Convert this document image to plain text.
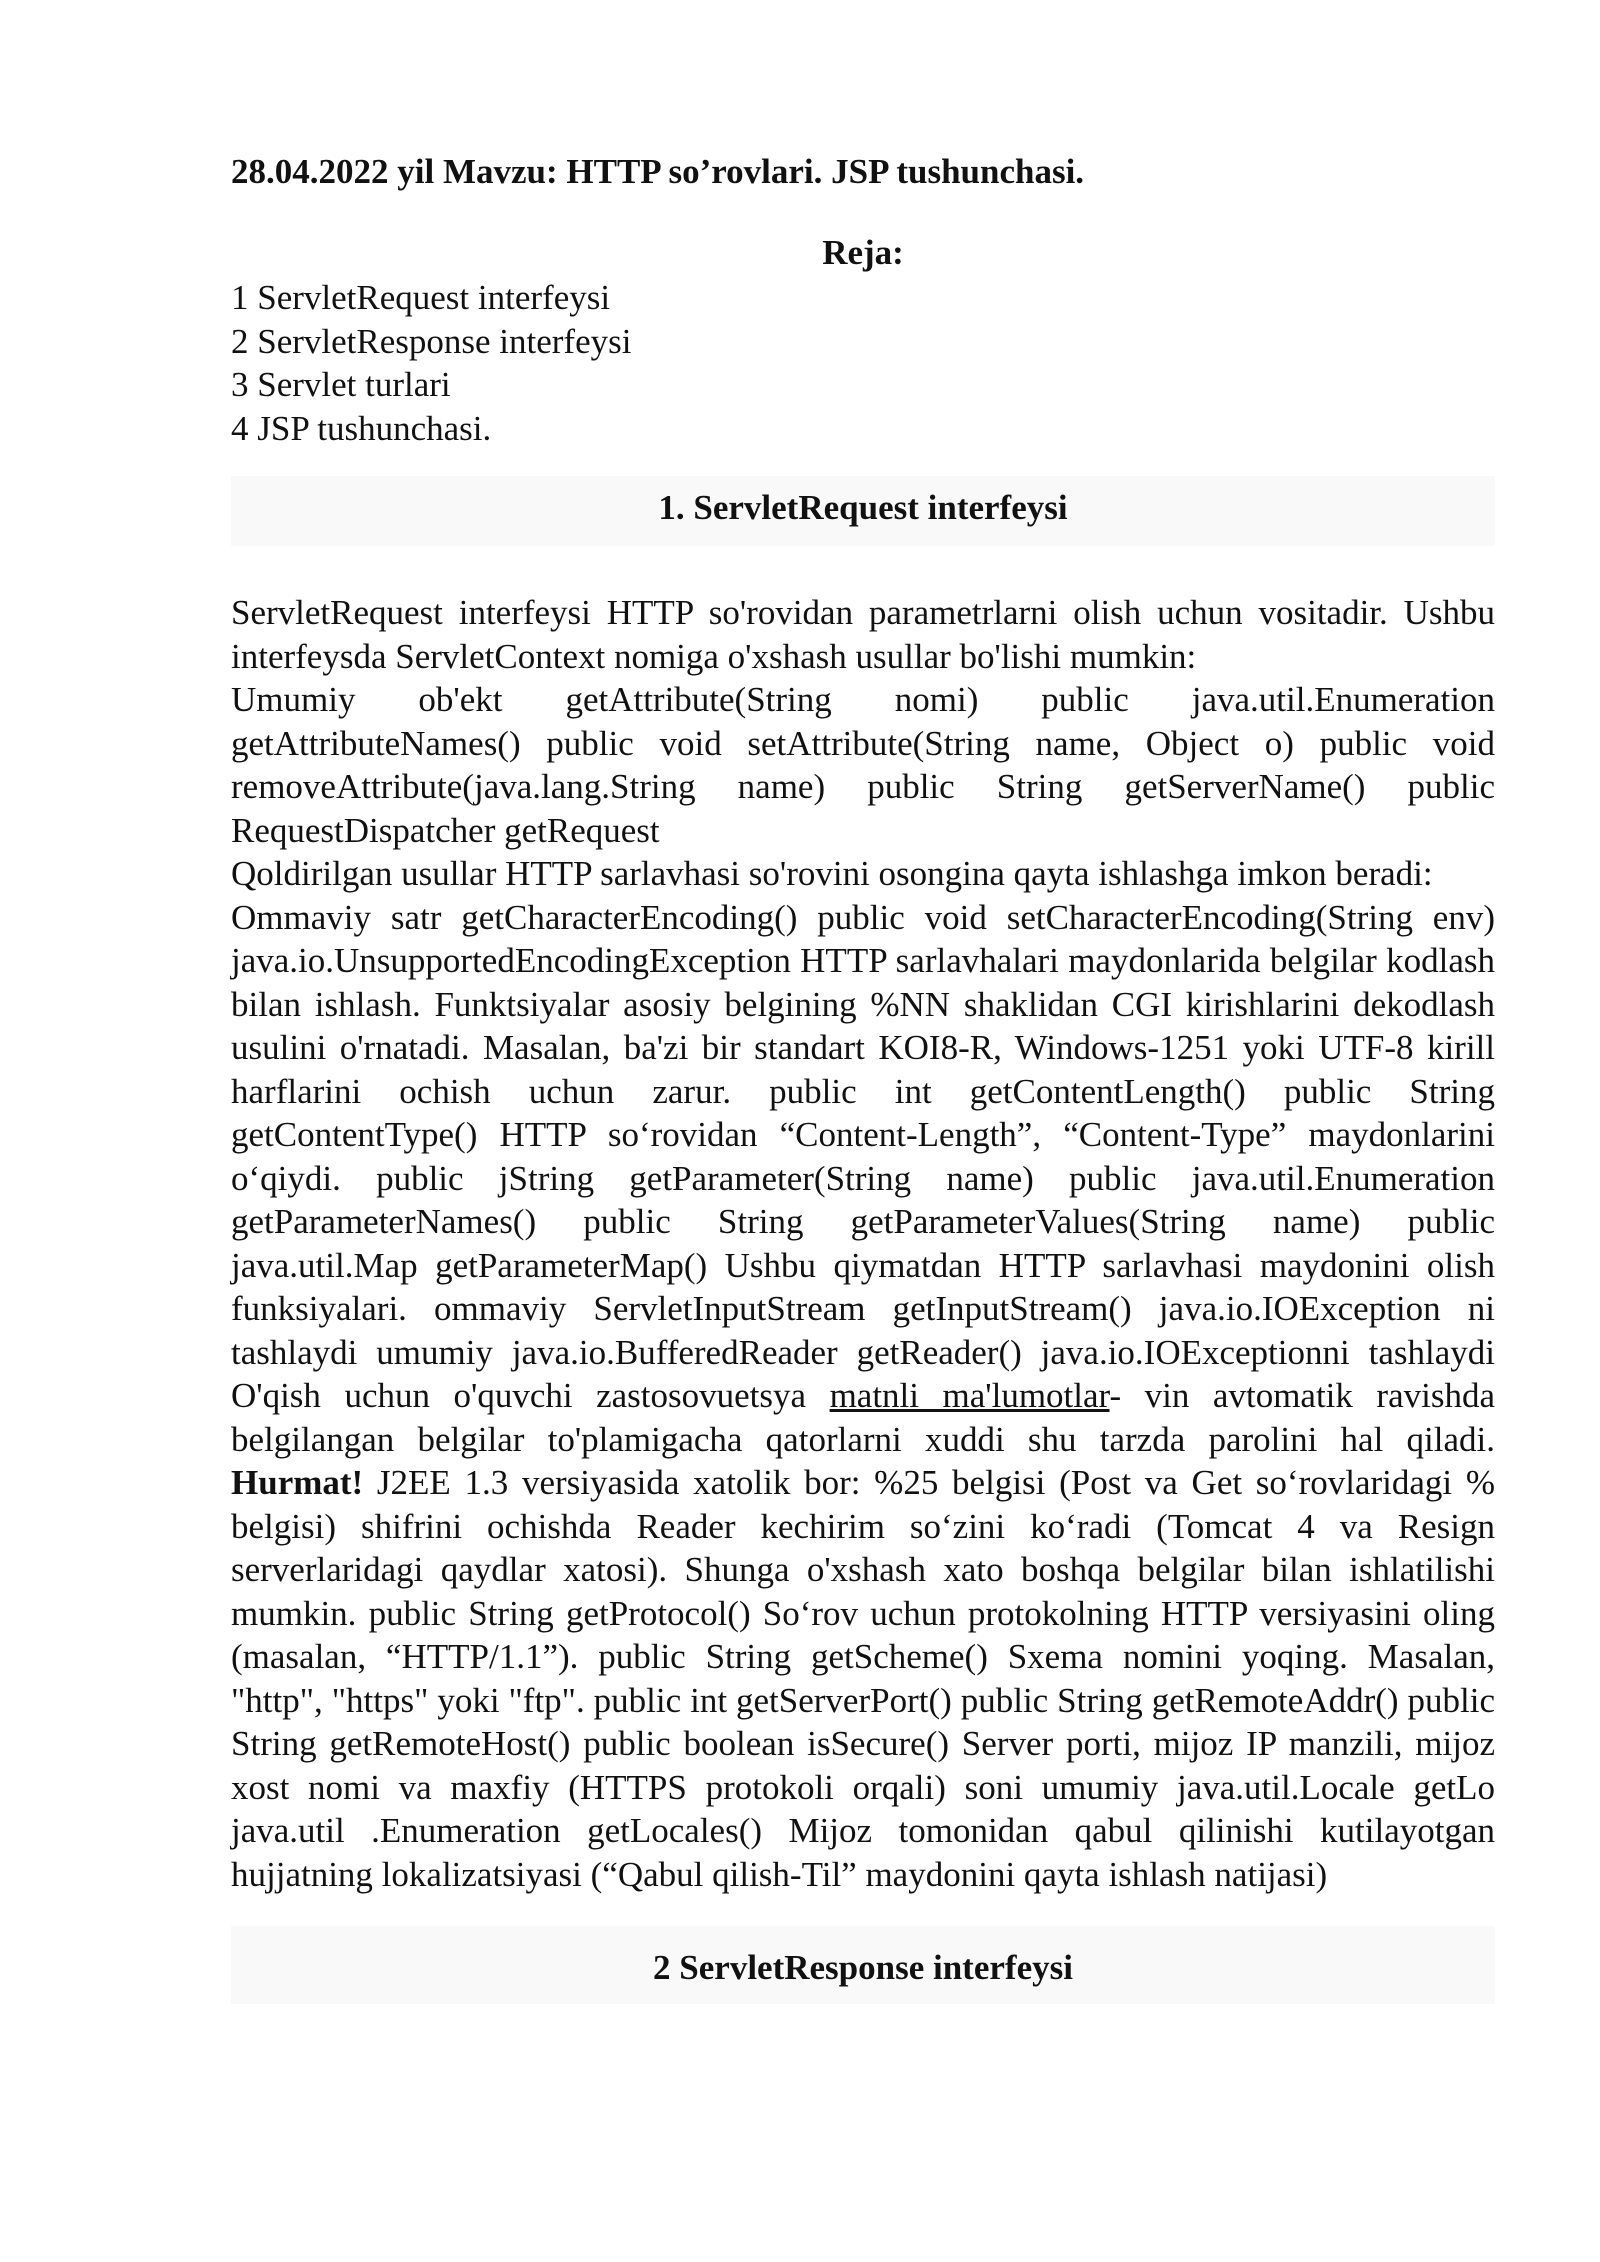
28.04.2022 yil Mavzu: HTTP so’rovlari. JSP tushunchasi.

Reja:

1 ServletRequest interfeysi
2 ServletResponse interfeysi
3 Servlet turlari
4 JSP tushunchasi.

1. ServletRequest interfeysi

ServletRequest interfeysi HTTP so'rovidan parametrlarni olish uchun vositadir. Ushbu interfeysda ServletContext nomiga o'xshash usullar bo'lishi mumkin:

Umumiy ob'ekt getAttribute(String nomi) public java.util.Enumeration getAttributeNames() public void setAttribute(String name, Object o) public void removeAttribute(java.lang.String name) public String getServerName() public RequestDispatcher getRequest

Qoldirilgan usullar HTTP sarlavhasi so'rovini osongina qayta ishlashga imkon beradi:

Ommaviy satr getCharacterEncoding() public void setCharacterEncoding(String env) java.io.UnsupportedEncodingException HTTP sarlavhalari maydonlarida belgilar kodlash bilan ishlash. Funktsiyalar asosiy belgining %NN shaklidan CGI kirishlarini dekodlash usulini o'rnatadi. Masalan, ba'zi bir standart KOI8-R, Windows-1251 yoki UTF-8 kirill harflarini ochish uchun zarur. public int getContentLength() public String getContentType() HTTP so‘rovidan “Content-Length”, “Content-Type” maydonlarini o‘qiydi. public jString getParameter(String name) public java.util.Enumeration getParameterNames() public String getParameterValues(String name) public java.util.Map getParameterMap() Ushbu qiymatdan HTTP sarlavhasi maydonini olish funksiyalari. ommaviy ServletInputStream getInputStream() java.io.IOException ni tashlaydi umumiy java.io.BufferedReader getReader() java.io.IOExceptionni tashlaydi O'qish uchun o'quvchi zastosovuetsya matnli ma'lumotlar- vin avtomatik ravishda belgilangan belgilar to'plamigacha qatorlarni xuddi shu tarzda parolini hal qiladi. Hurmat! J2EE 1.3 versiyasida xatolik bor: %25 belgisi (Post va Get so‘rovlaridagi % belgisi) shifrini ochishda Reader kechirim so‘zini ko‘radi (Tomcat 4 va Resign serverlaridagi qaydlar xatosi). Shunga o'xshash xato boshqa belgilar bilan ishlatilishi mumkin. public String getProtocol() So‘rov uchun protokolning HTTP versiyasini oling (masalan, “HTTP/1.1”). public String getScheme() Sxema nomini yoqing. Masalan, "http", "https" yoki "ftp". public int getServerPort() public String getRemoteAddr() public String getRemoteHost() public boolean isSecure() Server porti, mijoz IP manzili, mijoz xost nomi va maxfiy (HTTPS protokoli orqali) soni umumiy java.util.Locale getLo java.util .Enumeration getLocales() Mijoz tomonidan qabul qilinishi kutilayotgan hujjatning lokalizatsiyasi (“Qabul qilish-Til” maydonini qayta ishlash natijasi)

2 ServletResponse interfeysi
